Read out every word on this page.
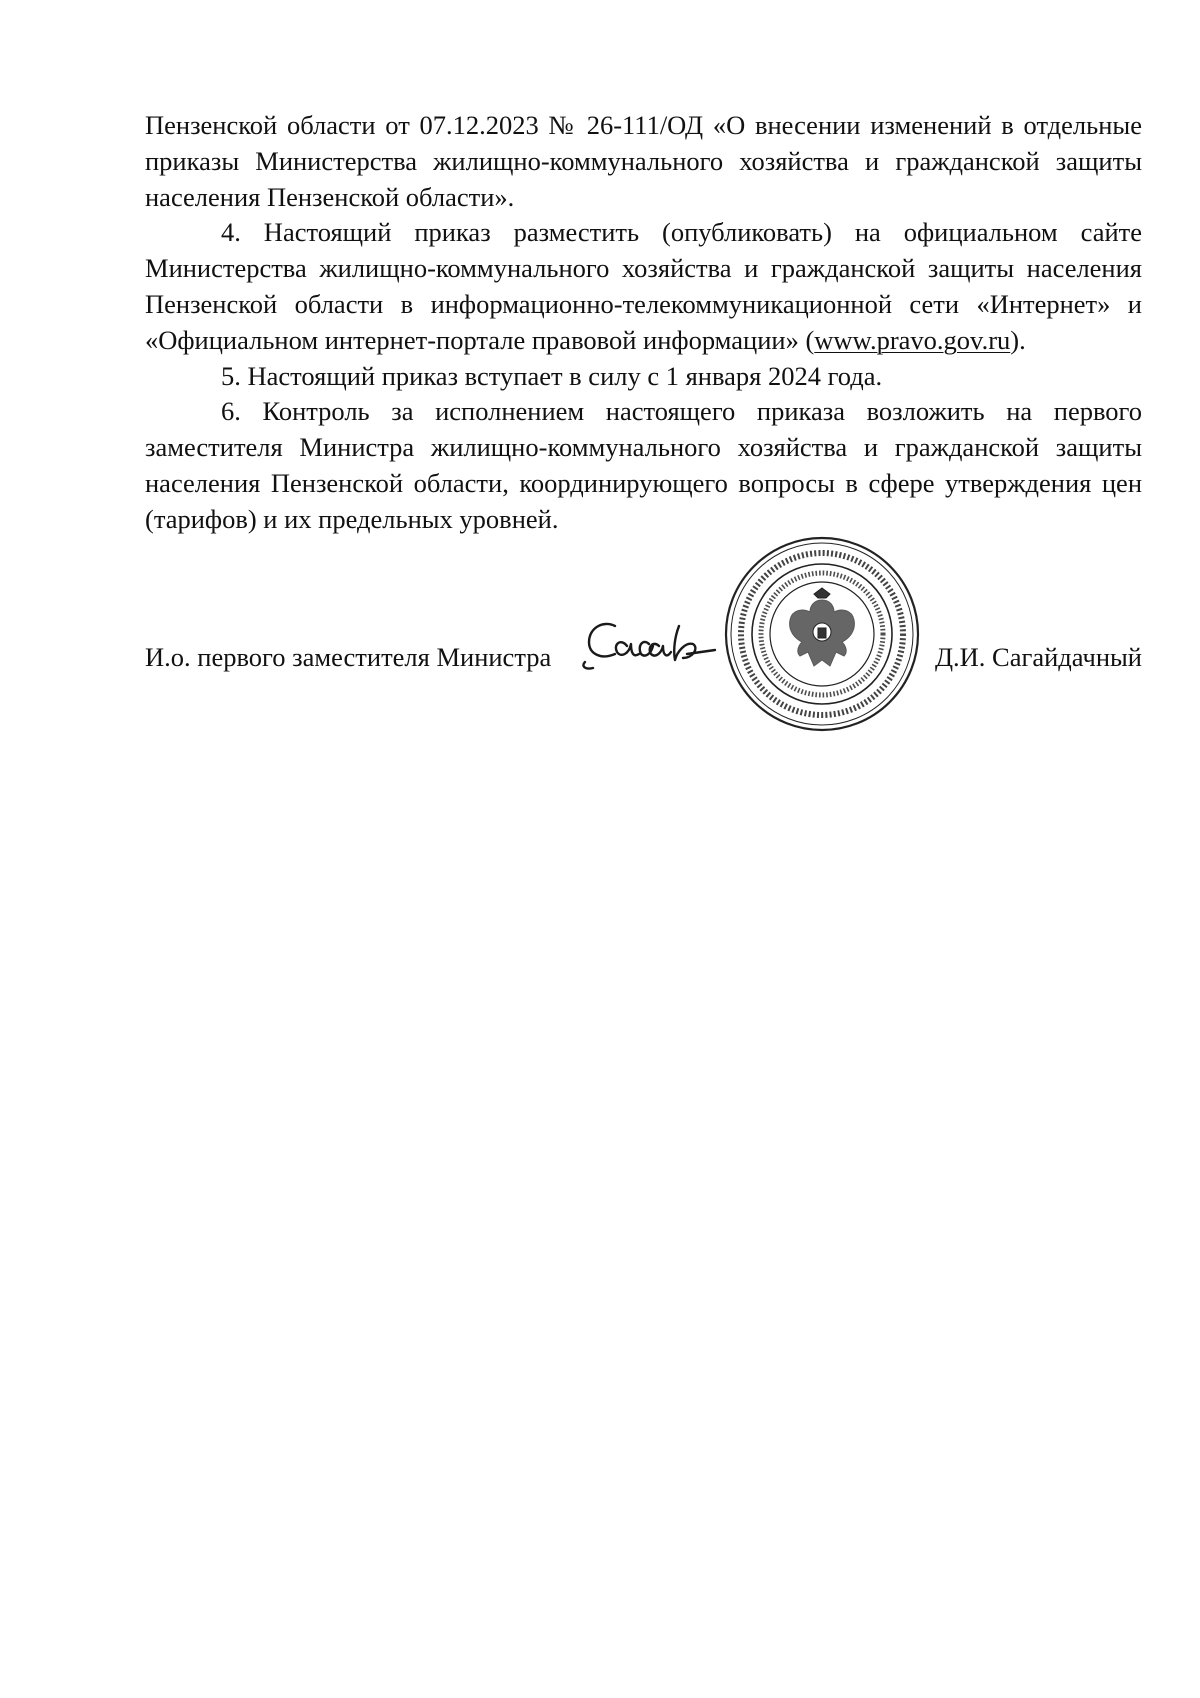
Пензенской области от 07.12.2023 № 26-111/ОД «О внесении изменений в отдельные приказы Министерства жилищно-коммунального хозяйства и гражданской защиты населения Пензенской области».

4. Настоящий приказ разместить (опубликовать) на официальном сайте Министерства жилищно-коммунального хозяйства и гражданской защиты населения Пензенской области в информационно-телекоммуникационной сети «Интернет» и «Официальном интернет-портале правовой информации» (www.pravo.gov.ru).

5. Настоящий приказ вступает в силу с 1 января 2024 года.

6. Контроль за исполнением настоящего приказа возложить на первого заместителя Министра жилищно-коммунального хозяйства и гражданской защиты населения Пензенской области, координирующего вопросы в сфере утверждения цен (тарифов) и их предельных уровней.

И.о. первого заместителя Министра	Д.И. Сагайдачный
